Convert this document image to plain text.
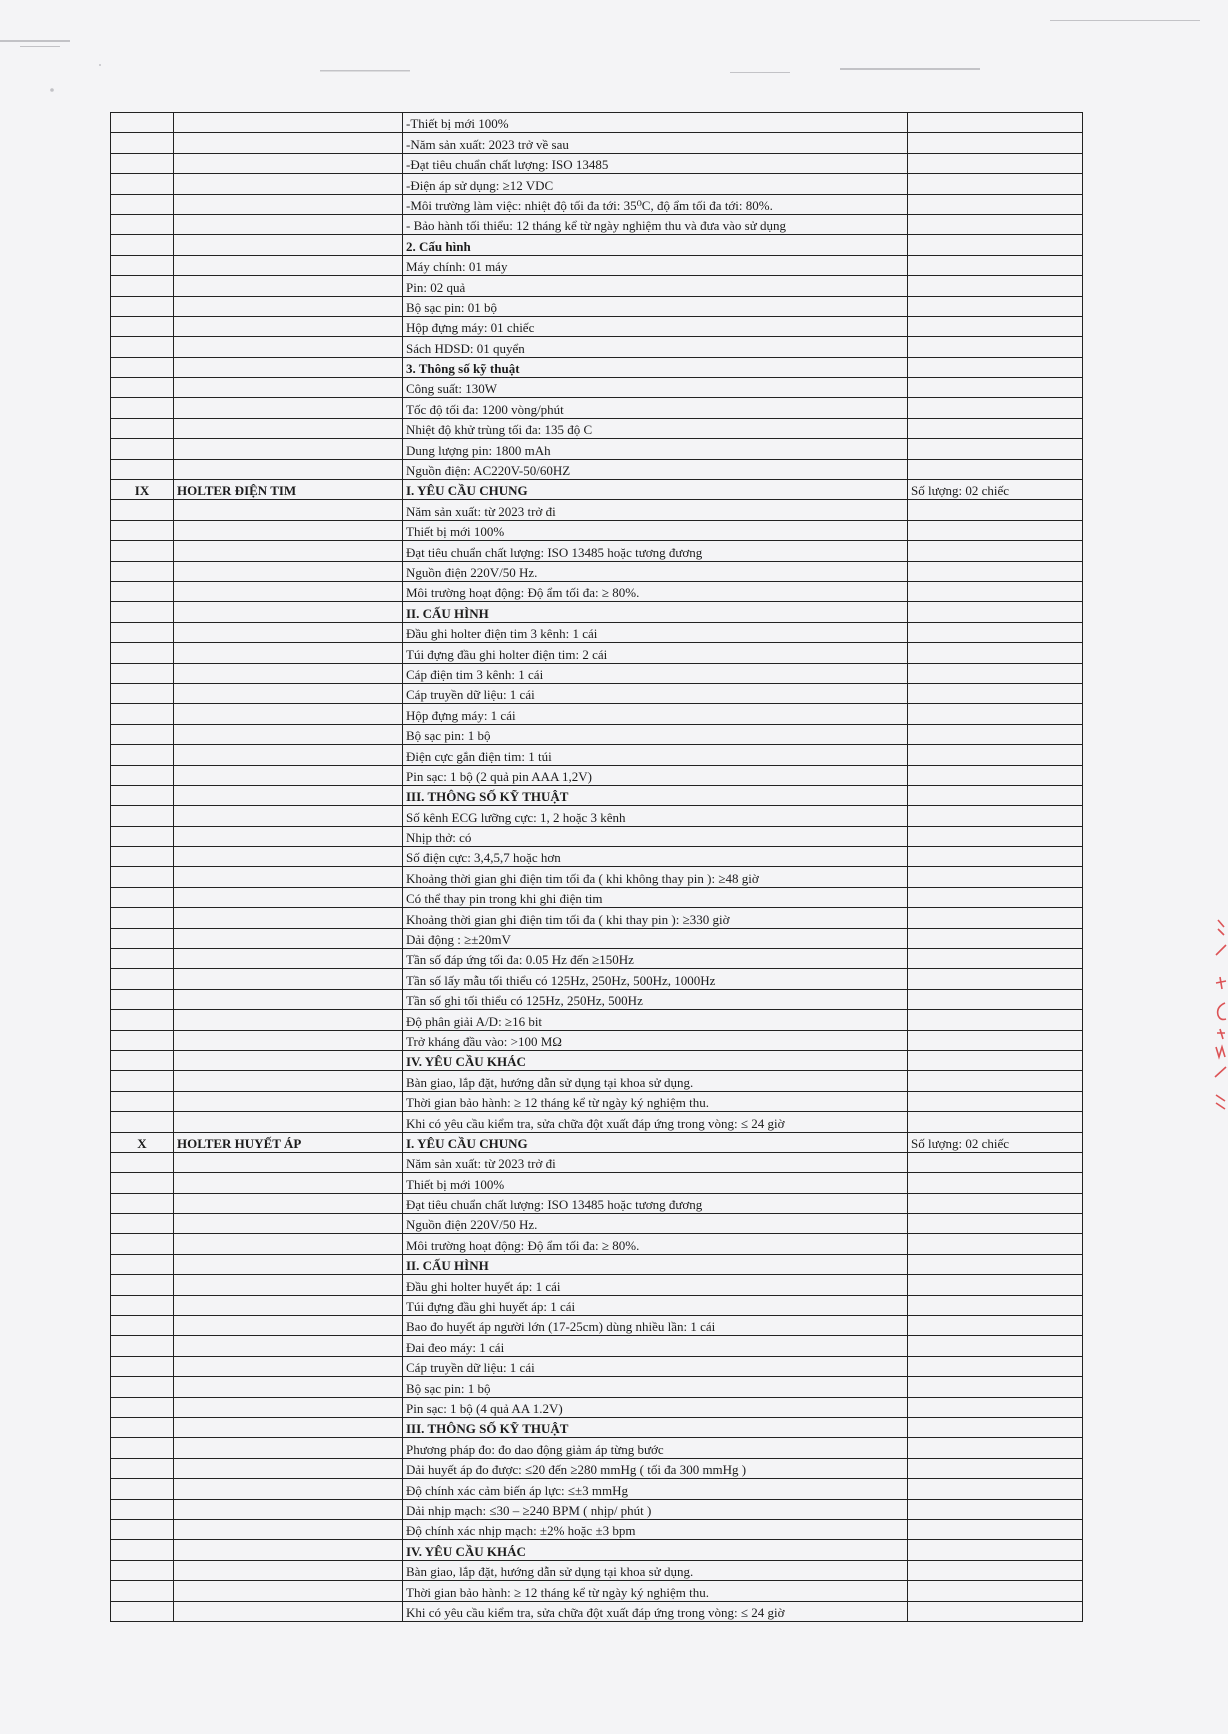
		-Thiết bị mới 100%	
		-Năm sản xuất: 2023 trở về sau	
		-Đạt tiêu chuẩn chất lượng: ISO 13485	
		-Điện áp sử dụng: ≥12 VDC	
		-Môi trường làm việc: nhiệt độ tối đa tới: 35⁰C, độ ẩm tối đa tới: 80%.	
		- Bảo hành tối thiểu: 12 tháng kể từ ngày nghiệm thu và đưa vào sử dụng	
		2. Cấu hình	
		Máy chính: 01 máy	
		Pin: 02 quả	
		Bộ sạc pin: 01 bộ	
		Hộp đựng máy: 01 chiếc	
		Sách HDSD: 01 quyển	
		3. Thông số kỹ thuật	
		Công suất: 130W	
		Tốc độ tối đa: 1200 vòng/phút	
		Nhiệt độ khử trùng tối đa: 135 độ C	
		Dung lượng pin: 1800 mAh	
		Nguồn điện: AC220V-50/60HZ	
IX	HOLTER ĐIỆN TIM	I. YÊU CẦU CHUNG	Số lượng: 02 chiếc
		Năm sản xuất: từ 2023 trở đi	
		Thiết bị mới 100%	
		Đạt tiêu chuẩn chất lượng: ISO 13485 hoặc tương đương	
		Nguồn điện 220V/50 Hz.	
		Môi trường hoạt động: Độ ẩm tối đa: ≥ 80%.	
		II. CẤU HÌNH	
		Đầu ghi holter điện tim 3 kênh: 1 cái	
		Túi đựng đầu ghi holter điện tim: 2 cái	
		Cáp điện tim 3 kênh: 1 cái	
		Cáp truyền dữ liệu: 1 cái	
		Hộp đựng máy: 1 cái	
		Bộ sạc pin: 1 bộ	
		Điện cực gắn điện tim: 1 túi	
		Pin sạc: 1 bộ (2 quả pin AAA 1,2V)	
		III. THÔNG SỐ KỸ THUẬT	
		Số kênh ECG lưỡng cực: 1, 2 hoặc 3 kênh	
		Nhịp thở: có	
		Số điện cực: 3,4,5,7 hoặc hơn	
		Khoảng thời gian ghi điện tim tối đa ( khi không thay pin ): ≥48 giờ	
		Có thể thay pin trong khi ghi điện tim	
		Khoảng thời gian ghi điện tim tối đa ( khi thay pin ): ≥330 giờ	
		Dải động : ≥±20mV	
		Tần số đáp ứng tối đa: 0.05 Hz đến ≥150Hz	
		Tần số lấy mẫu tối thiểu có 125Hz, 250Hz, 500Hz, 1000Hz	
		Tần số ghi tối thiểu có 125Hz, 250Hz, 500Hz	
		Độ phân giải A/D: ≥16 bit	
		Trở kháng đầu vào: >100 MΩ	
		IV. YÊU CẦU KHÁC	
		Bàn giao, lắp đặt, hướng dẫn sử dụng tại khoa sử dụng.	
		Thời gian bảo hành: ≥ 12 tháng kể từ ngày ký nghiệm thu.	
		Khi có yêu cầu kiểm tra, sửa chữa đột xuất đáp ứng trong vòng: ≤ 24 giờ	
X	HOLTER HUYẾT ÁP	I. YÊU CẦU CHUNG	Số lượng: 02 chiếc
		Năm sản xuất: từ 2023 trở đi	
		Thiết bị mới 100%	
		Đạt tiêu chuẩn chất lượng: ISO 13485 hoặc tương đương	
		Nguồn điện 220V/50 Hz.	
		Môi trường hoạt động: Độ ẩm tối đa: ≥ 80%.	
		II. CẤU HÌNH	
		Đầu ghi holter huyết áp: 1 cái	
		Túi đựng đầu ghi huyết áp: 1 cái	
		Bao đo huyết áp người lớn (17-25cm) dùng nhiều lần: 1 cái	
		Đai đeo máy: 1 cái	
		Cáp truyền dữ liệu: 1 cái	
		Bộ sạc pin: 1 bộ	
		Pin sạc: 1 bộ (4 quả AA 1.2V)	
		III. THÔNG SỐ KỸ THUẬT	
		Phương pháp đo: đo dao động giảm áp từng bước	
		Dải huyết áp đo được: ≤20 đến ≥280 mmHg ( tối đa 300 mmHg )	
		Độ chính xác cảm biến áp lực: ≤±3 mmHg	
		Dải nhịp mạch: ≤30 – ≥240 BPM ( nhịp/ phút )	
		Độ chính xác nhịp mạch: ±2% hoặc ±3 bpm	
		IV. YÊU CẦU KHÁC	
		Bàn giao, lắp đặt, hướng dẫn sử dụng tại khoa sử dụng.	
		Thời gian bảo hành: ≥ 12 tháng kể từ ngày ký nghiệm thu.	
		Khi có yêu cầu kiểm tra, sửa chữa đột xuất đáp ứng trong vòng: ≤ 24 giờ	
